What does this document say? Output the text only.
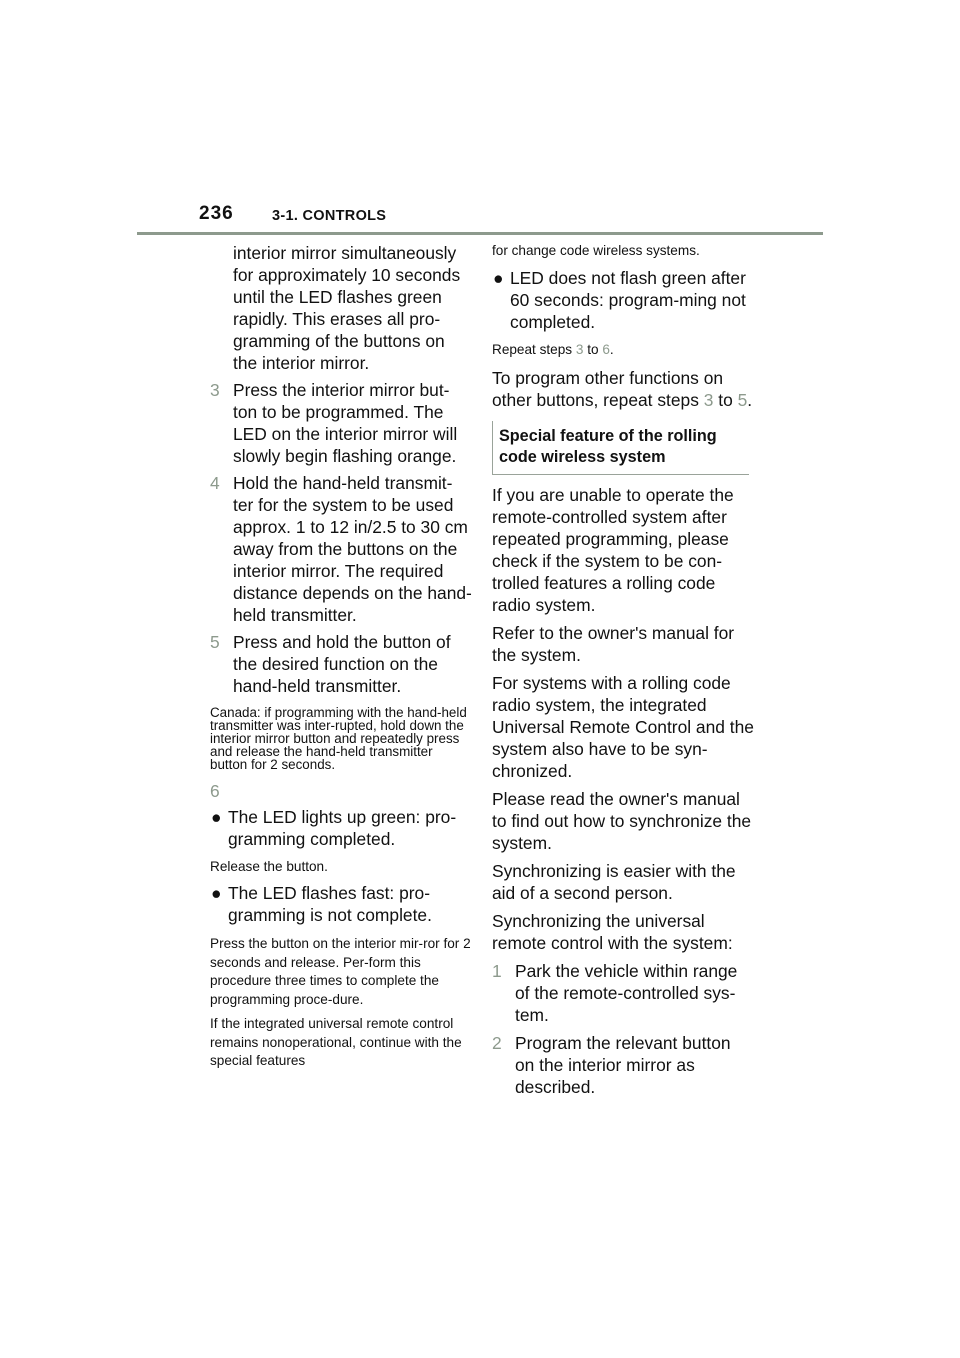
236	3-1. CONTROLS

interior mirror simultaneously for approximately 10 seconds until the LED flashes green rapidly. This erases all pro-gramming of the buttons on the interior mirror.

3 Press the interior mirror but-ton to be programmed. The LED on the interior mirror will slowly begin flashing orange.
4 Hold the hand-held transmit-ter for the system to be used approx. 1 to 12 in/2.5 to 30 cm away from the buttons on the interior mirror. The required distance depends on the hand-held transmitter.
5 Press and hold the button of the desired function on the hand-held transmitter.

Canada: if programming with the hand-held transmitter was inter-rupted, hold down the interior mirror button and repeatedly press and release the hand-held transmitter button for 2 seconds.

6

● The LED lights up green: pro-gramming completed.

Release the button.

● The LED flashes fast: pro-gramming is not complete.

Press the button on the interior mir-ror for 2 seconds and release. Per-form this procedure three times to complete the programming proce-dure.

If the integrated universal remote control remains nonoperational, continue with the special features

for change code wireless systems.

● LED does not flash green after 60 seconds: program-ming not completed.

Repeat steps 3 to 6.

To program other functions on other buttons, repeat steps 3 to 5.

Special feature of the rolling code wireless system

If you are unable to operate the remote-controlled system after repeated programming, please check if the system to be con-trolled features a rolling code radio system.

Refer to the owner's manual for the system.

For systems with a rolling code radio system, the integrated Universal Remote Control and the system also have to be syn-chronized.

Please read the owner's manual to find out how to synchronize the system.

Synchronizing is easier with the aid of a second person.

Synchronizing the universal remote control with the system:

1 Park the vehicle within range of the remote-controlled sys-tem.
2 Program the relevant button on the interior mirror as described.
